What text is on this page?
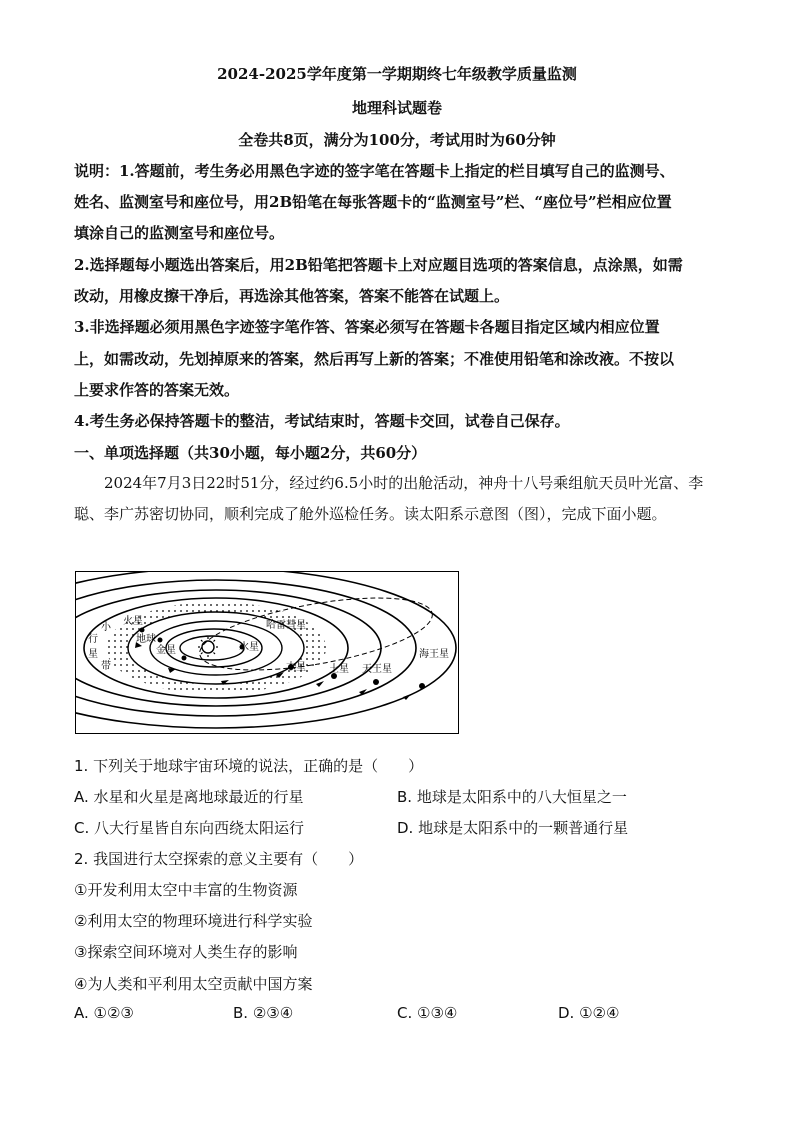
2024-2025学年度第一学期期终七年级教学质量监测
地理科试题卷
全卷共8页，满分为100分，考试用时为60分钟
说明：1.答题前，考生务必用黑色字迹的签字笔在答题卡上指定的栏目填写自己的监测号、
姓名、监测室号和座位号，用2B铅笔在每张答题卡的“监测室号”栏、“座位号”栏相应位置
填涂自己的监测室号和座位号。
2.选择题每小题选出答案后，用2B铅笔把答题卡上对应题目选项的答案信息，点涂黑，如需
改动，用橡皮擦干净后，再选涂其他答案，答案不能答在试题上。
3.非选择题必须用黑色字迹签字笔作答、答案必须写在答题卡各题目指定区域内相应位置
上，如需改动，先划掉原来的答案，然后再写上新的答案；不准使用铅笔和涂改液。不按以
上要求作答的答案无效。
4.考生务必保持答题卡的整洁，考试结束时，答题卡交回，试卷自己保存。
一、单项选择题（共30小题，每小题2分，共60分）
2024年7月3日22时51分，经过约6.5小时的出舱活动，神舟十八号乘组航天员叶光富、李聪、李广苏密切协同，顺利完成了舱外巡检任务。读太阳系示意图（图），完成下面小题。
火星
地球
金星	水星
哈雷彗星
木星 土星 天王星
海王星
小
行
星
带
1. 下列关于地球宇宙环境的说法，正确的是（　　）
A. 水星和火星是离地球最近的行星	B. 地球是太阳系中的八大恒星之一
C. 八大行星皆自东向西绕太阳运行	D. 地球是太阳系中的一颗普通行星
2. 我国进行太空探索的意义主要有（　　）
①开发利用太空中丰富的生物资源
②利用太空的物理环境进行科学实验
③探索空间环境对人类生存的影响
④为人类和平利用太空贡献中国方案
A. ①②③	B. ②③④	C. ①③④	D. ①②④
